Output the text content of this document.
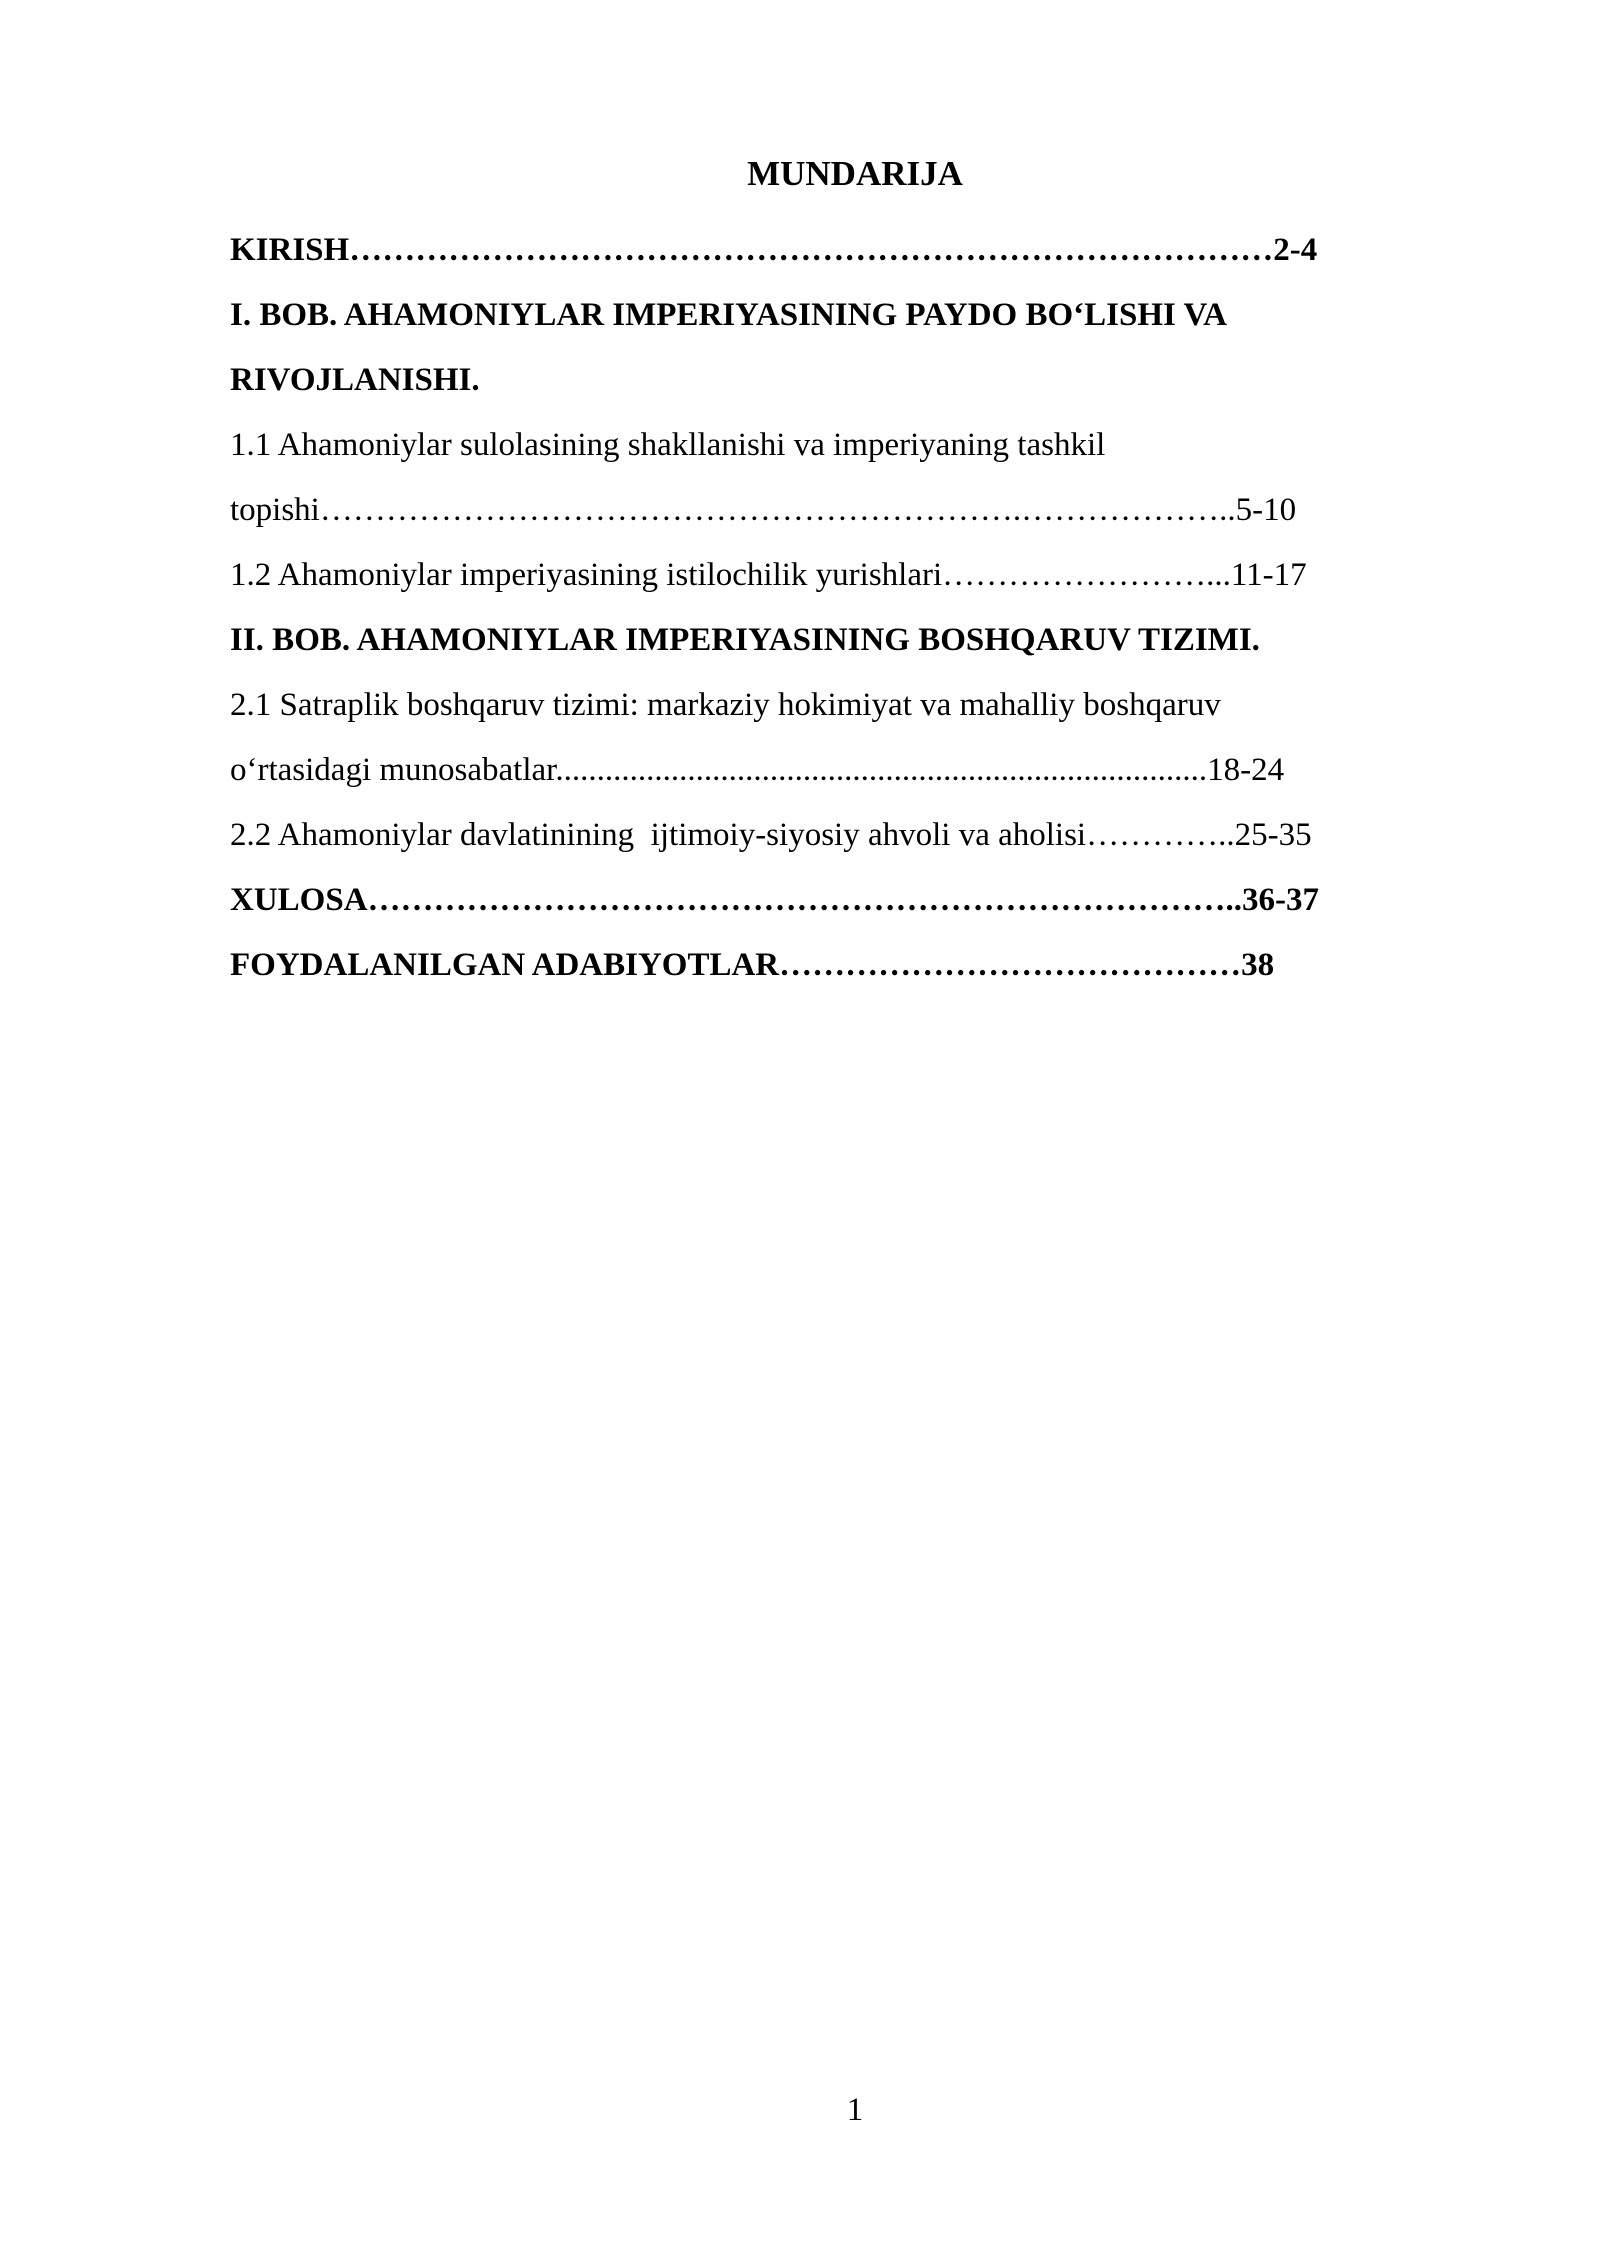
MUNDARIJA
KIRISH…………………………………………………………………………2-4
I. BOB. AHAMONIYLAR IMPERIYASINING PAYDO BO‘LISHI VA
RIVOJLANISHI.
1.1 Ahamoniylar sulolasining shakllanishi va imperiyaning tashkil
topishi……………………………………………………….………………..5-10
1.2 Ahamoniylar imperiyasining istilochilik yurishlari……………………...11-17
II. BOB. AHAMONIYLAR IMPERIYASINING BOSHQARUV TIZIMI.
2.1 Satraplik boshqaruv tizimi: markaziy hokimiyat va mahalliy boshqaruv
o‘rtasidagi munosabatlar...............................................................................18-24
2.2 Ahamoniylar davlatinining  ijtimoiy-siyosiy ahvoli va aholisi…………..25-35
XULOSA……………………………………………………………………..36-37
FOYDALANILGAN ADABIYOTLAR……………………………………38
1
